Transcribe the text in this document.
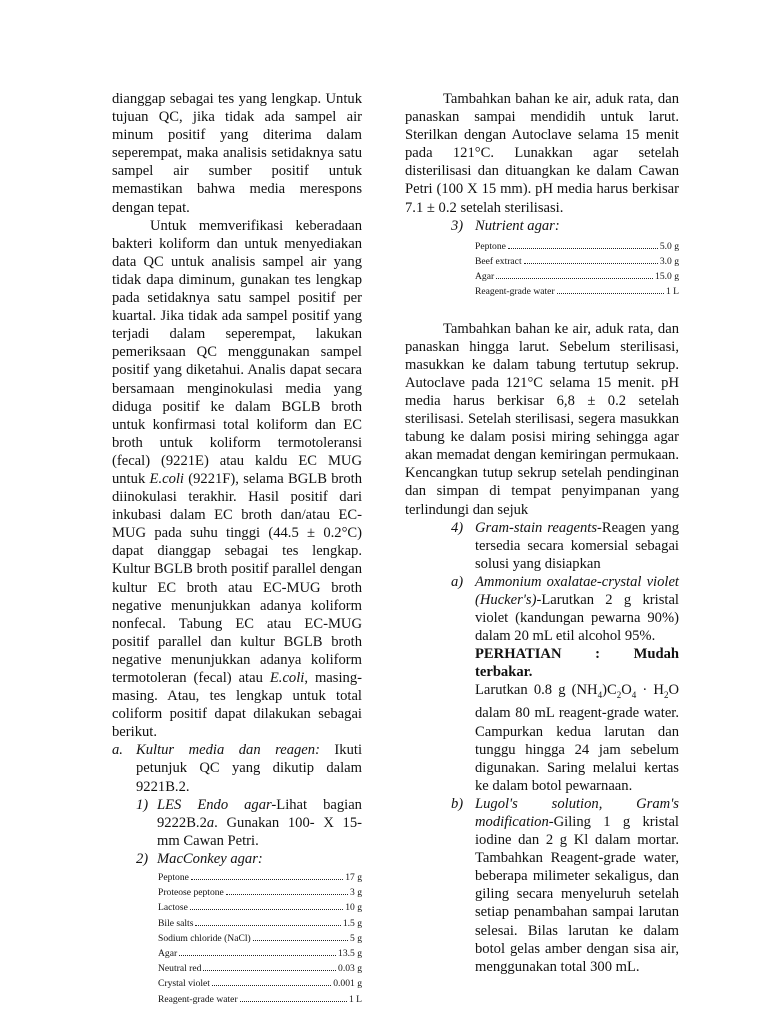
dianggap sebagai tes yang lengkap. Untuk tujuan QC, jika tidak ada sampel air minum positif yang diterima dalam seperempat, maka analisis setidaknya satu sampel air sumber positif untuk memastikan bahwa media merespons dengan tepat.

Untuk memverifikasi keberadaan bakteri koliform dan untuk menyediakan data QC untuk analisis sampel air yang tidak dapa diminum, gunakan tes lengkap pada setidaknya satu sampel positif per kuartal. Jika tidak ada sampel positif yang terjadi dalam seperempat, lakukan pemeriksaan QC menggunakan sampel positif yang diketahui. Analis dapat secara bersamaan menginokulasi media yang diduga positif ke dalam BGLB broth untuk konfirmasi total koliform dan EC broth untuk koliform termotoleransi (fecal) (9221E) atau kaldu EC MUG untuk E.coli (9221F), selama BGLB broth diinokulasi terakhir. Hasil positif dari inkubasi dalam EC broth dan/atau EC-MUG pada suhu tinggi (44.5 ± 0.2°C) dapat dianggap sebagai tes lengkap. Kultur BGLB broth positif parallel dengan kultur EC broth atau EC-MUG broth negative menunjukkan adanya koliform nonfecal. Tabung EC atau EC-MUG positif parallel dan kultur BGLB broth negative menunjukkan adanya koliform termotoleran (fecal) atau E.coli, masing-masing. Atau, tes lengkap untuk total coliform positif dapat dilakukan sebagai berikut.

a. Kultur media dan reagen: Ikuti petunjuk QC yang dikutip dalam 9221B.2.
1) LES Endo agar-Lihat bagian 9222B.2a. Gunakan 100- X 15-mm Cawan Petri.
2) MacConkey agar:
Peptone	17 g
Proteose peptone	3 g
Lactose	10 g
Bile salts	1.5 g
Sodium chloride (NaCl)	5 g
Agar	13.5 g
Neutral red	0.03 g
Crystal violet	0.001 g
Reagent-grade water	1 L

Tambahkan bahan ke air, aduk rata, dan panaskan sampai mendidih untuk larut. Sterilkan dengan Autoclave selama 15 menit pada 121°C. Lunakkan agar setelah disterilisasi dan dituangkan ke dalam Cawan Petri (100 X 15 mm). pH media harus berkisar 7.1 ± 0.2 setelah sterilisasi.

3) Nutrient agar:
Peptone	5.0 g
Beef extract	3.0 g
Agar	15.0 g
Reagent-grade water	1 L

Tambahkan bahan ke air, aduk rata, dan panaskan hingga larut. Sebelum sterilisasi, masukkan ke dalam tabung tertutup sekrup. Autoclave pada 121°C selama 15 menit. pH media harus berkisar 6,8 ± 0.2 setelah sterilisasi. Setelah sterilisasi, segera masukkan tabung ke dalam posisi miring sehingga agar akan memadat dengan kemiringan permukaan. Kencangkan tutup sekrup setelah pendinginan dan simpan di tempat penyimpanan yang terlindungi dan sejuk

4) Gram-stain reagents-Reagen yang tersedia secara komersial sebagai solusi yang disiapkan
a) Ammonium oxalatae-crystal violet (Hucker's)-Larutkan 2 g kristal violet (kandungan pewarna 90%) dalam 20 mL etil alcohol 95%.
PERHATIAN : Mudah terbakar.
Larutkan 0.8 g $(NH_4)C_2O_4 \cdot H_2O$ dalam 80 mL reagent-grade water. Campurkan kedua larutan dan tunggu hingga 24 jam sebelum digunakan. Saring melalui kertas ke dalam botol pewarnaan.
b) Lugol's solution, Gram's modification-Giling 1 g kristal iodine dan 2 g Kl dalam mortar. Tambahkan Reagent-grade water, beberapa milimeter sekaligus, dan giling secara menyeluruh setelah setiap penambahan sampai larutan selesai. Bilas larutan ke dalam botol gelas amber dengan sisa air, menggunakan total 300 mL.
